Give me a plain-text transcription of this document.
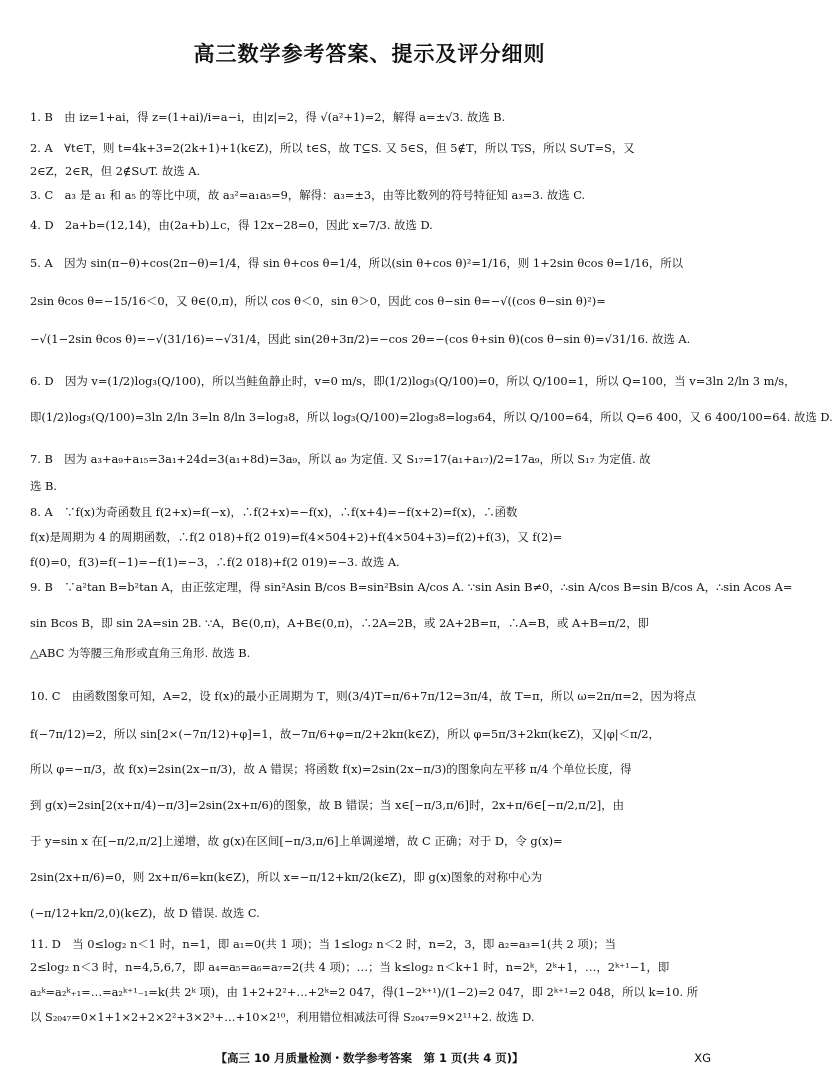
高三数学参考答案、提示及评分细则
1. B　由 iz=1+ai，得 z=(1+ai)/i=a−i，由|z|=2，得 √(a²+1)=2，解得 a=±√3. 故选 B.
2. A　∀t∈T，则 t=4k+3=2(2k+1)+1(k∈Z)，所以 t∈S，故 T⊆S. 又 5∈S，但 5∉T，所以 T⫋S，所以 S∪T=S，又
2∈Z，2∈R，但 2∉S∪T. 故选 A.
3. C　a₃ 是 a₁ 和 a₅ 的等比中项，故 a₃²=a₁a₅=9，解得：a₃=±3，由等比数列的符号特征知 a₃=3. 故选 C.
4. D　2a+b=(12,14)，由(2a+b)⊥c，得 12x−28=0，因此 x=7/3. 故选 D.
5. A　因为 sin(π−θ)+cos(2π−θ)=1/4，得 sin θ+cos θ=1/4，所以(sin θ+cos θ)²=1/16，则 1+2sin θcos θ=1/16，所以
2sin θcos θ=−15/16＜0，又 θ∈(0,π)，所以 cos θ＜0，sin θ＞0，因此 cos θ−sin θ=−√((cos θ−sin θ)²)=
−√(1−2sin θcos θ)=−√(31/16)=−√31/4，因此 sin(2θ+3π/2)=−cos 2θ=−(cos θ+sin θ)(cos θ−sin θ)=√31/16. 故选 A.
6. D　因为 v=(1/2)log₃(Q/100)，所以当鲑鱼静止时，v=0 m/s，即(1/2)log₃(Q/100)=0，所以 Q/100=1，所以 Q=100，当 v=3ln 2/ln 3 m/s，
即(1/2)log₃(Q/100)=3ln 2/ln 3=ln 8/ln 3=log₃8，所以 log₃(Q/100)=2log₃8=log₃64，所以 Q/100=64，所以 Q=6 400，又 6 400/100=64. 故选 D.
7. B　因为 a₃+a₉+a₁₅=3a₁+24d=3(a₁+8d)=3a₉，所以 a₉ 为定值. 又 S₁₇=17(a₁+a₁₇)/2=17a₉，所以 S₁₇ 为定值. 故
选 B.
8. A　∵f(x)为奇函数且 f(2+x)=f(−x)，∴f(2+x)=−f(x)，∴f(x+4)=−f(x+2)=f(x)，∴函数
f(x)是周期为 4 的周期函数，∴f(2 018)+f(2 019)=f(4×504+2)+f(4×504+3)=f(2)+f(3)，又 f(2)=
f(0)=0，f(3)=f(−1)=−f(1)=−3，∴f(2 018)+f(2 019)=−3. 故选 A.
9. B　∵a²tan B=b²tan A，由正弦定理，得 sin²Asin B/cos B=sin²Bsin A/cos A. ∵sin Asin B≠0，∴sin A/cos B=sin B/cos A，∴sin Acos A=
sin Bcos B，即 sin 2A=sin 2B. ∵A，B∈(0,π)，A+B∈(0,π)，∴2A=2B，或 2A+2B=π，∴A=B，或 A+B=π/2，即
△ABC 为等腰三角形或直角三角形. 故选 B.
10. C　由函数图象可知，A=2，设 f(x)的最小正周期为 T，则(3/4)T=π/6+7π/12=3π/4，故 T=π，所以 ω=2π/π=2，因为将点
f(−7π/12)=2，所以 sin[2×(−7π/12)+φ]=1，故−7π/6+φ=π/2+2kπ(k∈Z)，所以 φ=5π/3+2kπ(k∈Z)，又|φ|＜π/2，
所以 φ=−π/3，故 f(x)=2sin(2x−π/3)，故 A 错误；将函数 f(x)=2sin(2x−π/3)的图象向左平移 π/4 个单位长度，得
到 g(x)=2sin[2(x+π/4)−π/3]=2sin(2x+π/6)的图象，故 B 错误；当 x∈[−π/3,π/6]时，2x+π/6∈[−π/2,π/2]，由
于 y=sin x 在[−π/2,π/2]上递增，故 g(x)在区间[−π/3,π/6]上单调递增，故 C 正确；对于 D，令 g(x)=
2sin(2x+π/6)=0，则 2x+π/6=kπ(k∈Z)，所以 x=−π/12+kπ/2(k∈Z)，即 g(x)图象的对称中心为
(−π/12+kπ/2,0)(k∈Z)，故 D 错误. 故选 C.
11. D　当 0≤log₂ n＜1 时，n=1，即 a₁=0(共 1 项)；当 1≤log₂ n＜2 时，n=2，3，即 a₂=a₃=1(共 2 项)；当
2≤log₂ n＜3 时，n=4,5,6,7，即 a₄=a₅=a₆=a₇=2(共 4 项)；…；当 k≤log₂ n＜k+1 时，n=2ᵏ，2ᵏ+1，…，2ᵏ⁺¹−1，即
a₂ᵏ=a₂ᵏ₊₁=…=a₂ᵏ⁺¹₋₁=k(共 2ᵏ 项)，由 1+2+2²+…+2ᵏ=2 047，得(1−2ᵏ⁺¹)/(1−2)=2 047，即 2ᵏ⁺¹=2 048，所以 k=10. 所
以 S₂₀₄₇=0×1+1×2+2×2²+3×2³+…+10×2¹⁰，利用错位相减法可得 S₂₀₄₇=9×2¹¹+2. 故选 D.
【高三 10 月质量检测・数学参考答案　第 1 页(共 4 页)】	XG
